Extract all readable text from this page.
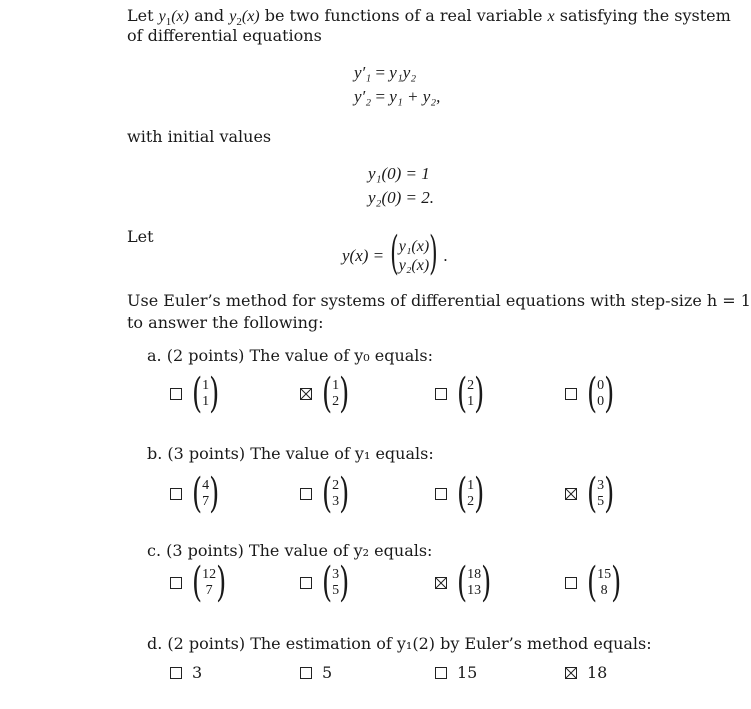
Let $y_1(x)$ and $y_2(x)$ be two functions of a real variable x satisfying the system
of differential equations
y′₁ = y₁y₂
y′₂ = y₁ + y₂,
with initial values
y₁(0) = 1
y₂(0) = 2.
Let
y(x) = ( y₁(x)
y₂(x) ) .
Use Euler’s method for systems of differential equations with step-size h = 1
to answer the following:
a. (2 points) The value of y₀ equals:
( 1
1 )	( 1
2 )	( 2
1 )	( 0
0 )
b. (3 points) The value of y₁ equals:
( 4
7 )	( 2
3 )	( 1
2 )	( 3
5 )
c. (3 points) The value of y₂ equals:
( 12
7 )	( 3
5 )	( 18
13 )	( 15
8 )
d. (2 points) The estimation of y₁(2) by Euler’s method equals:
3	5	15	18
